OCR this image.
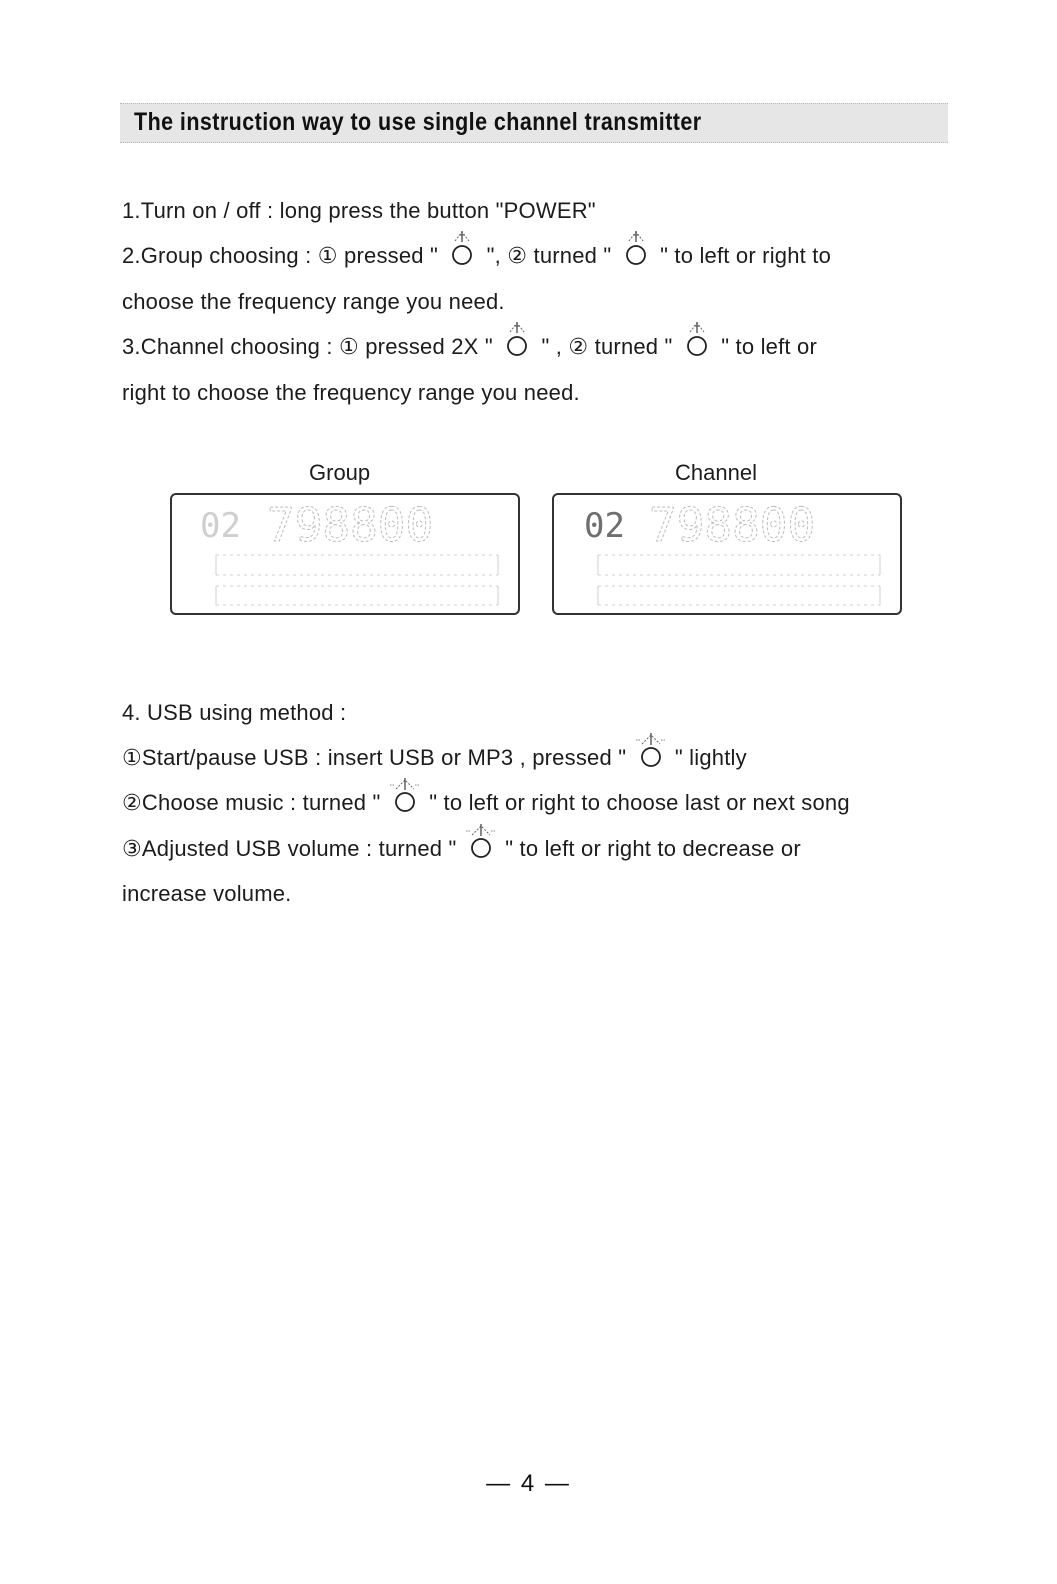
The instruction way to use single channel transmitter
1.Turn on / off : long press the button "POWER"
2.Group choosing : ① pressed " ", ② turned " " to left or right to
choose the frequency range you need.
3.Channel choosing : ① pressed 2X " " , ② turned " " to left or
right to choose the frequency range you need.
Group	Channel
02 798800	02 798800
4. USB using method :
①Start/pause USB : insert USB or MP3 , pressed " " lightly
②Choose music : turned " " to left or right to choose last or next song
③Adjusted USB volume : turned " " to left or right to decrease or
increase volume.
— 4 —
